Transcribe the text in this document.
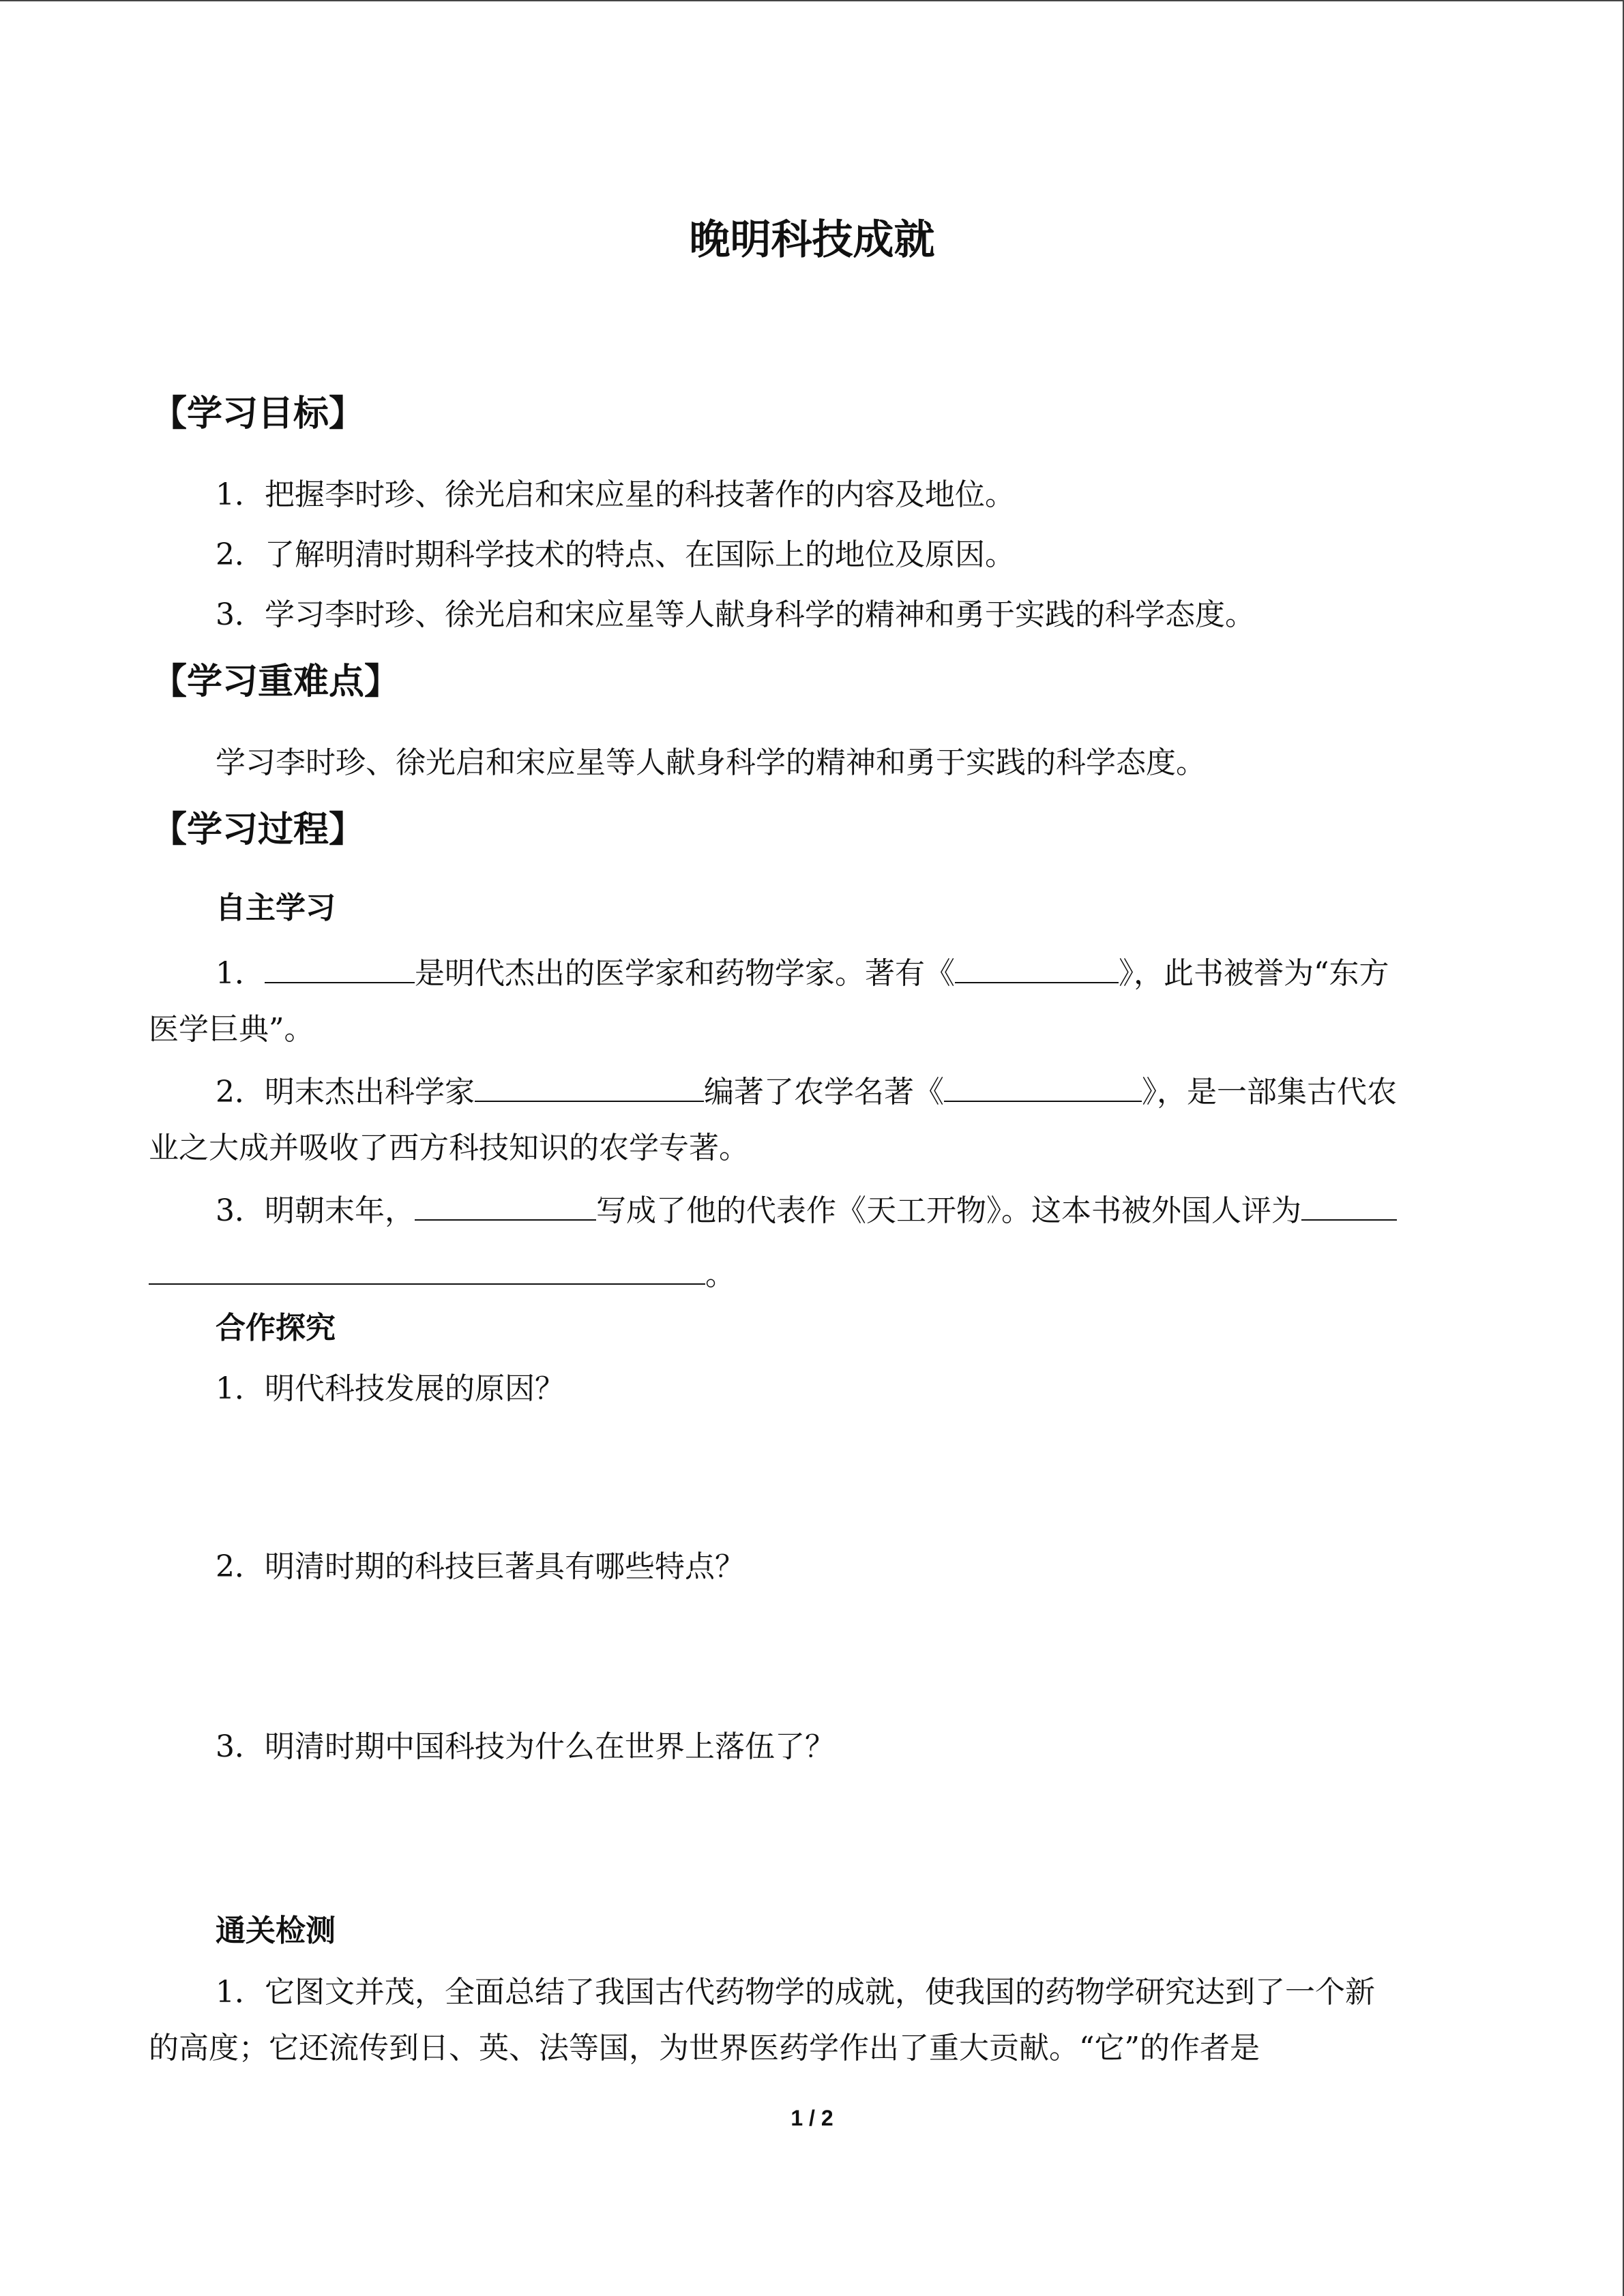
晚明科技成就
【学习目标】
1．把握李时珍、徐光启和宋应星的科技著作的内容及地位。
2．了解明清时期科学技术的特点、在国际上的地位及原因。
3．学习李时珍、徐光启和宋应星等人献身科学的精神和勇于实践的科学态度。
【学习重难点】
学习李时珍、徐光启和宋应星等人献身科学的精神和勇于实践的科学态度。
【学习过程】
自主学习
1．	是明代杰出的医学家和药物学家。著有《	》，此书被誉为“东方
医学巨典”。
2．明末杰出科学家	编著了农学名著《	》，是一部集古代农
业之大成并吸收了西方科技知识的农学专著。
3．明朝末年，	写成了他的代表作《天工开物》。这本书被外国人评为
。
合作探究
1．明代科技发展的原因？
2．明清时期的科技巨著具有哪些特点？
3．明清时期中国科技为什么在世界上落伍了？
通关检测
1．它图文并茂，全面总结了我国古代药物学的成就，使我国的药物学研究达到了一个新
的高度；它还流传到日、英、法等国，为世界医药学作出了重大贡献。“它”的作者是
1 / 2
